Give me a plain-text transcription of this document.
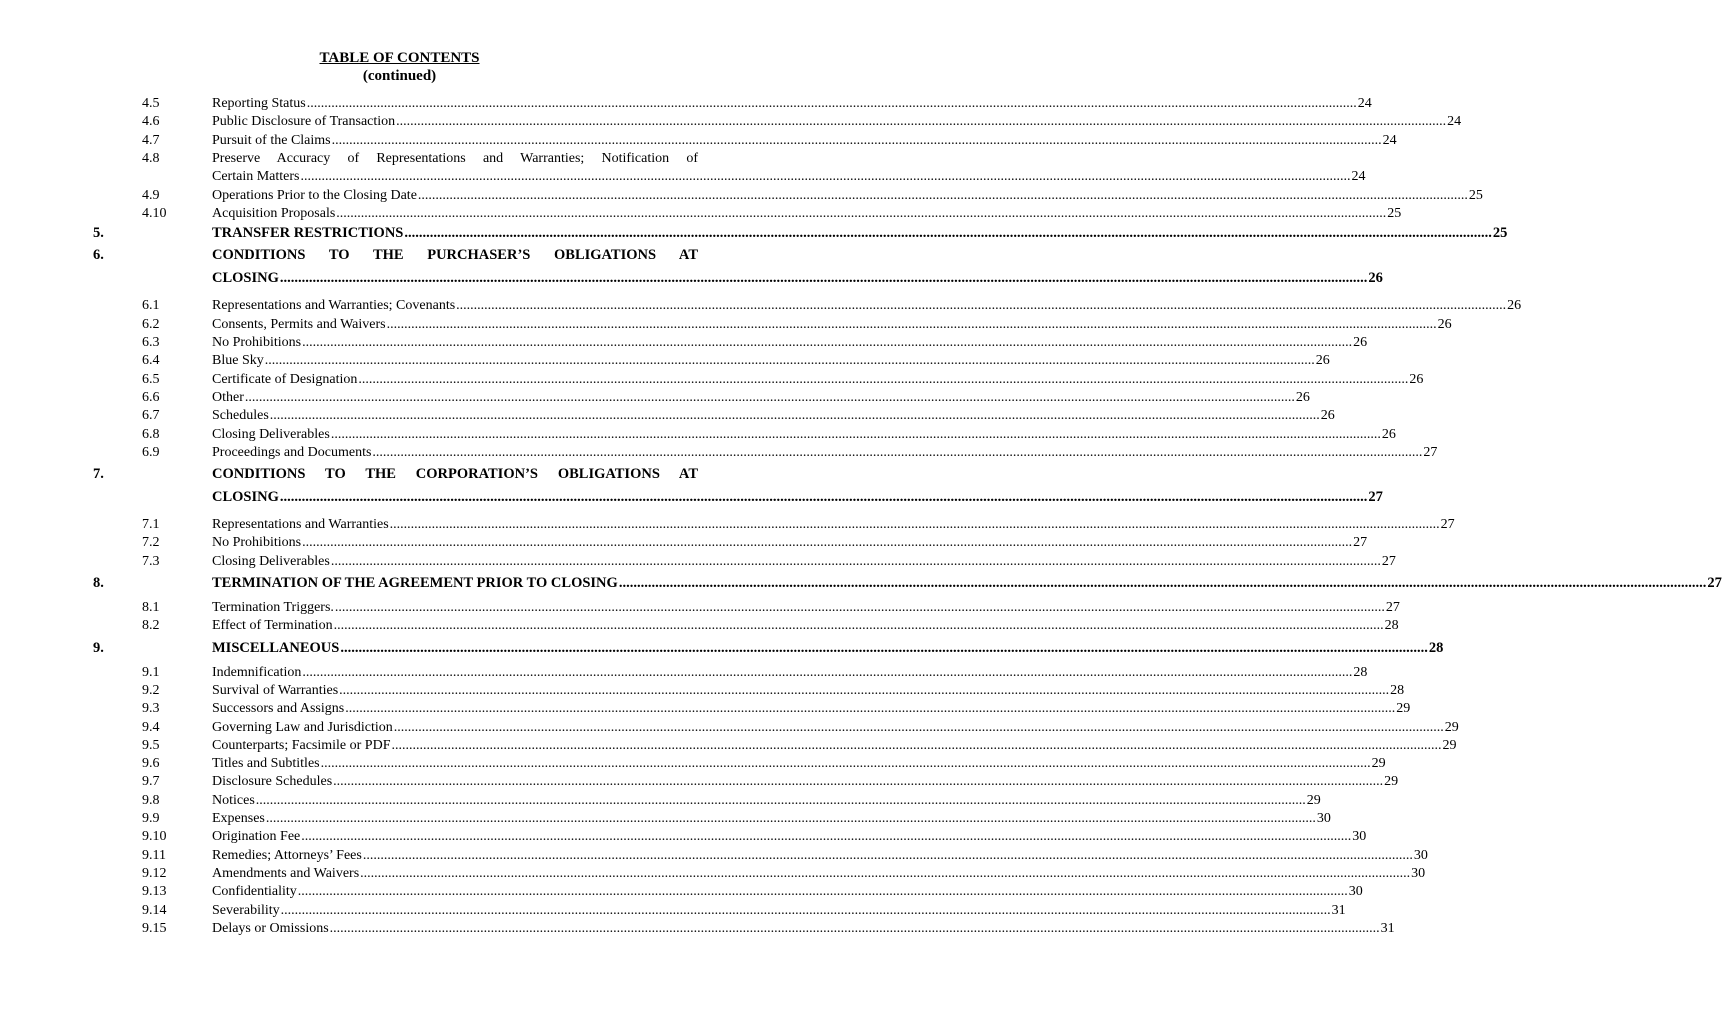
TABLE OF CONTENTS
(continued)
4.5	Reporting Status ............................................................................................................................................................................................................................................................................................................ 24
4.6	Public Disclosure of Transaction ............................................................................................................................................................................................................................................................................................................ 24
4.7	Pursuit of the Claims ............................................................................................................................................................................................................................................................................................................ 24
4.8	Preserve Accuracy of Representations and Warranties; Notification of
Certain Matters ............................................................................................................................................................................................................................................................................................................ 24
4.9	Operations Prior to the Closing Date ............................................................................................................................................................................................................................................................................................................ 25
4.10	Acquisition Proposals ............................................................................................................................................................................................................................................................................................................ 25
5.	TRANSFER RESTRICTIONS ............................................................................................................................................................................................................................................................................................................ 25
6.	CONDITIONS TO THE PURCHASER’S OBLIGATIONS AT
CLOSING ............................................................................................................................................................................................................................................................................................................ 26
6.1	Representations and Warranties; Covenants ............................................................................................................................................................................................................................................................................................................ 26
6.2	Consents, Permits and Waivers ............................................................................................................................................................................................................................................................................................................ 26
6.3	No Prohibitions ............................................................................................................................................................................................................................................................................................................ 26
6.4	Blue Sky ............................................................................................................................................................................................................................................................................................................ 26
6.5	Certificate of Designation ............................................................................................................................................................................................................................................................................................................ 26
6.6	Other ............................................................................................................................................................................................................................................................................................................ 26
6.7	Schedules ............................................................................................................................................................................................................................................................................................................ 26
6.8	Closing Deliverables ............................................................................................................................................................................................................................................................................................................ 26
6.9	Proceedings and Documents ............................................................................................................................................................................................................................................................................................................ 27
7.	CONDITIONS TO THE CORPORATION’S OBLIGATIONS AT
CLOSING ............................................................................................................................................................................................................................................................................................................ 27
7.1	Representations and Warranties ............................................................................................................................................................................................................................................................................................................ 27
7.2	No Prohibitions ............................................................................................................................................................................................................................................................................................................ 27
7.3	Closing Deliverables ............................................................................................................................................................................................................................................................................................................ 27
8.	TERMINATION OF THE AGREEMENT PRIOR TO CLOSING ............................................................................................................................................................................................................................................................................................................ 27
8.1	Termination Triggers. ............................................................................................................................................................................................................................................................................................................ 27
8.2	Effect of Termination ............................................................................................................................................................................................................................................................................................................ 28
9.	MISCELLANEOUS ............................................................................................................................................................................................................................................................................................................ 28
9.1	Indemnification ............................................................................................................................................................................................................................................................................................................ 28
9.2	Survival of Warranties ............................................................................................................................................................................................................................................................................................................ 28
9.3	Successors and Assigns ............................................................................................................................................................................................................................................................................................................ 29
9.4	Governing Law and Jurisdiction ............................................................................................................................................................................................................................................................................................................ 29
9.5	Counterparts; Facsimile or PDF ............................................................................................................................................................................................................................................................................................................ 29
9.6	Titles and Subtitles ............................................................................................................................................................................................................................................................................................................ 29
9.7	Disclosure Schedules ............................................................................................................................................................................................................................................................................................................ 29
9.8	Notices ............................................................................................................................................................................................................................................................................................................ 29
9.9	Expenses ............................................................................................................................................................................................................................................................................................................ 30
9.10	Origination Fee ............................................................................................................................................................................................................................................................................................................ 30
9.11	Remedies; Attorneys’ Fees ............................................................................................................................................................................................................................................................................................................ 30
9.12	Amendments and Waivers ............................................................................................................................................................................................................................................................................................................ 30
9.13	Confidentiality ............................................................................................................................................................................................................................................................................................................ 30
9.14	Severability ............................................................................................................................................................................................................................................................................................................ 31
9.15	Delays or Omissions ............................................................................................................................................................................................................................................................................................................ 31
